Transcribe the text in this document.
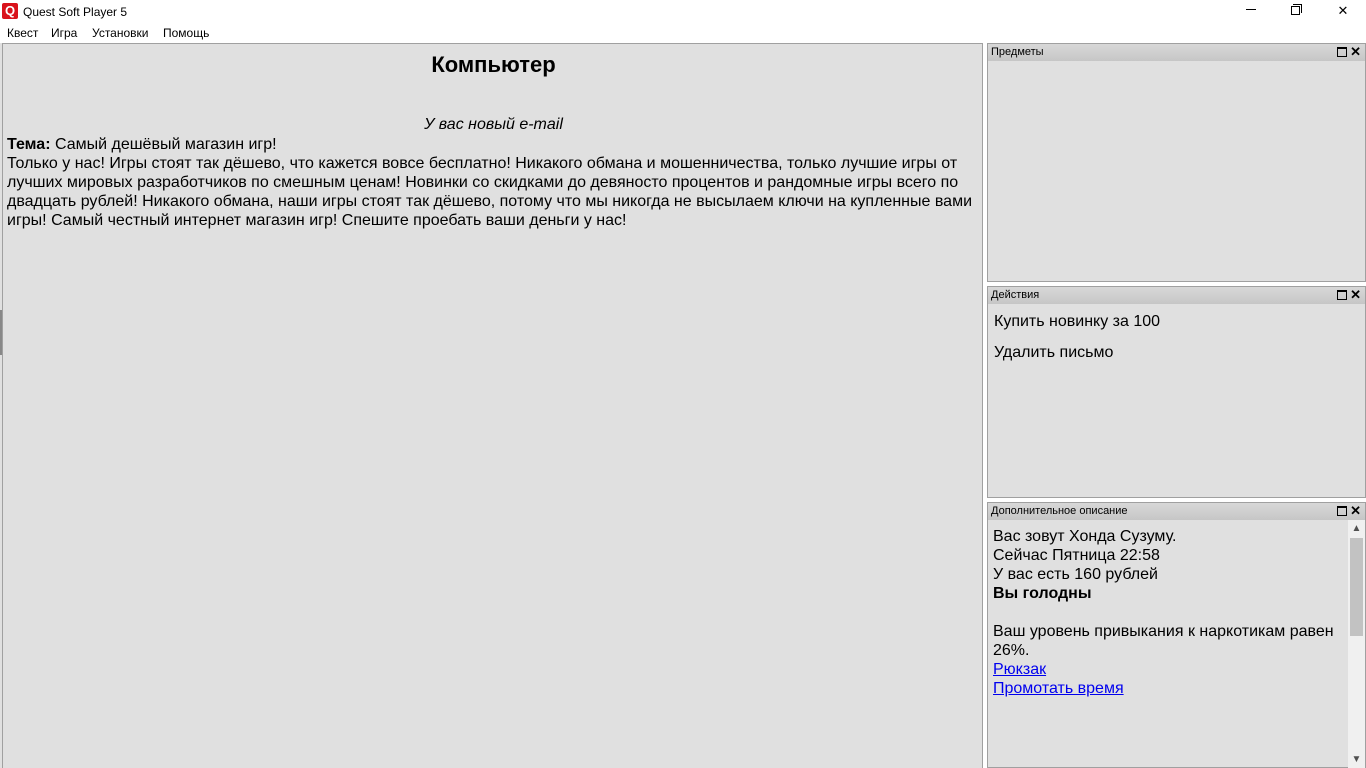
Q Quest Soft Player 5	✕
Квест Игра Установки Помощь
Компьютер
У вас новый e-mail
Тема: Самый дешёвый магазин игр!
Только у нас! Игры стоят так дёшево, что кажется вовсе бесплатно! Никакого обмана и мошенничества, только лучшие игры от лучших мировых разработчиков по смешным ценам! Новинки со скидками до девяносто процентов и рандомные игры всего по двадцать рублей! Никакого обмана, наши игры стоят так дёшево, потому что мы никогда не высылаем ключи на купленные вами игры! Самый честный интернет магазин игр! Спешите проебать ваши деньги у нас!
Предметы	✕
Действия	✕
Купить новинку за 100
Удалить письмо
Дополнительное описание	✕
Вас зовут Хонда Сузуму.
Сейчас Пятница 22:58
У вас есть 160 рублей
Вы голодны
Ваш уровень привыкания к наркотикам равен 26%.
Рюкзак
Промотать время
▲
▼
